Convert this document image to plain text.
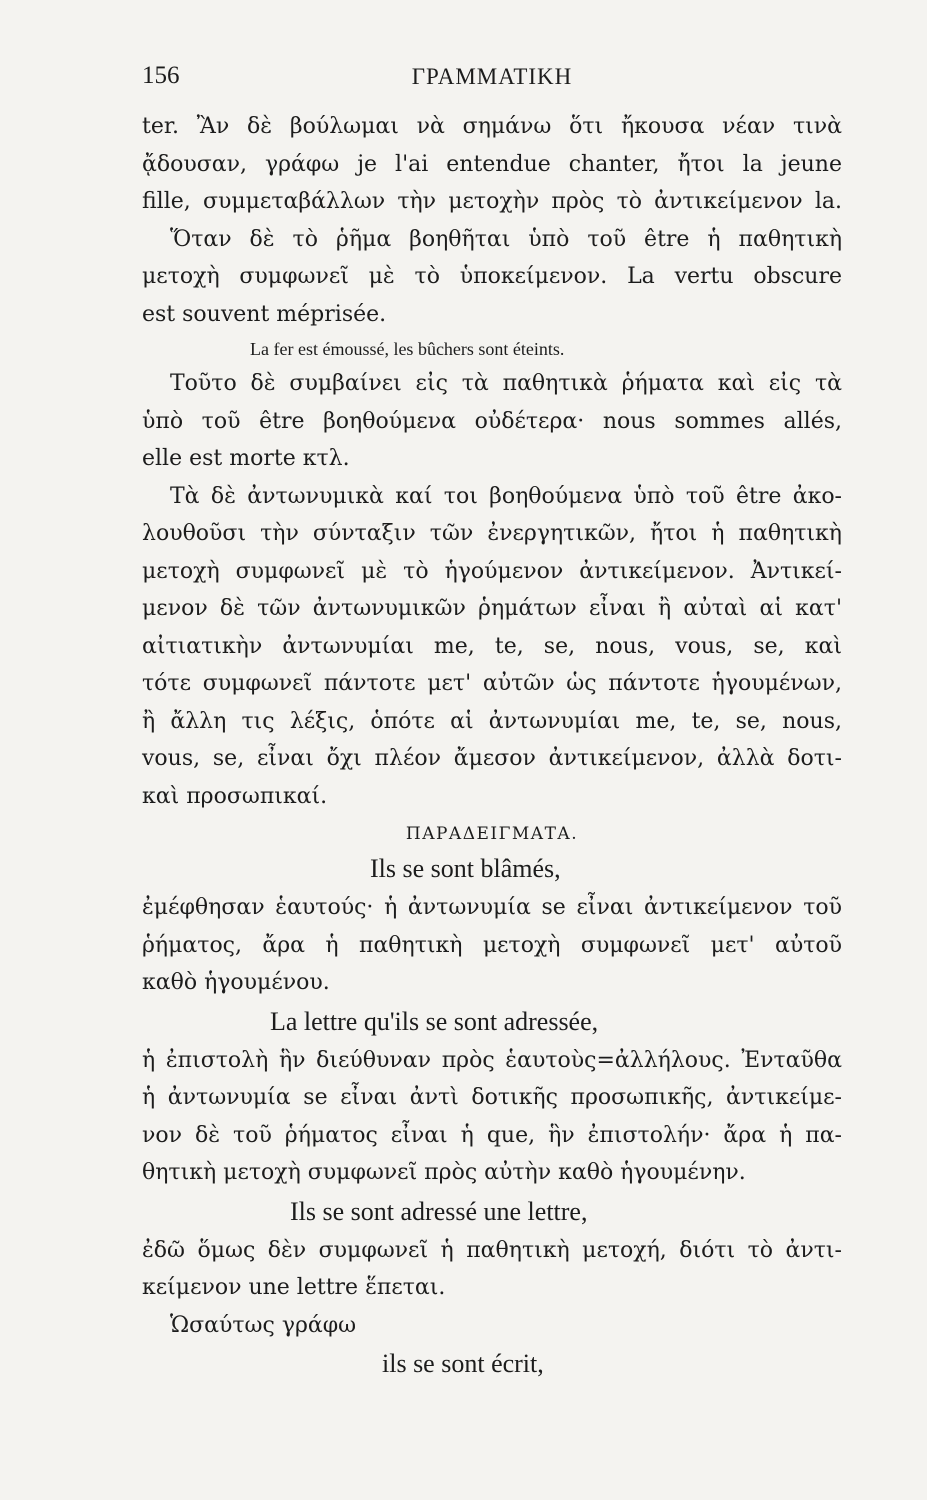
156	ΓΡΑΜΜΑΤΙΚΗ
ter. Ἂν δὲ βούλωμαι νὰ σημάνω ὅτι ἤκουσα νέαν τινὰ
ᾄδουσαν, γράφω je l'ai entendue chanter, ἤτοι la jeune
fille, συμμεταβάλλων τὴν μετοχὴν πρὸς τὸ ἀντικείμενον la.
Ὅταν δὲ τὸ ῥῆμα βοηθῆται ὑπὸ τοῦ être ἡ παθητικὴ
μετοχὴ συμφωνεῖ μὲ τὸ ὑποκείμενον. La vertu obscure
est souvent méprisée.
La fer est émoussé, les bûchers sont éteints.
Τοῦτο δὲ συμβαίνει εἰς τὰ παθητικὰ ῥήματα καὶ εἰς τὰ
ὑπὸ τοῦ être βοηθούμενα οὐδέτερα· nous sommes allés,
elle est morte κτλ.
Τὰ δὲ ἀντωνυμικὰ καί τοι βοηθούμενα ὑπὸ τοῦ être ἀκο-
λουθοῦσι τὴν σύνταξιν τῶν ἐνεργητικῶν, ἤτοι ἡ παθητικὴ
μετοχὴ συμφωνεῖ μὲ τὸ ἡγούμενον ἀντικείμενον. Ἀντικεί-
μενον δὲ τῶν ἀντωνυμικῶν ῥημάτων εἶναι ἢ αὐταὶ αἱ κατ'
αἰτιατικὴν ἀντωνυμίαι me, te, se, nous, vous, se, καὶ
τότε συμφωνεῖ πάντοτε μετ' αὐτῶν ὡς πάντοτε ἡγουμένων,
ἢ ἄλλη τις λέξις, ὁπότε αἱ ἀντωνυμίαι me, te, se, nous,
vous, se, εἶναι ὄχι πλέον ἄμεσον ἀντικείμενον, ἀλλὰ δοτι-
καὶ προσωπικαί.
ΠΑΡΑΔΕΙΓΜΑΤΑ.
Ils se sont blâmés,
ἐμέφθησαν ἑαυτούς· ἡ ἀντωνυμία se εἶναι ἀντικείμενον τοῦ
ῥήματος, ἄρα ἡ παθητικὴ μετοχὴ συμφωνεῖ μετ' αὐτοῦ
καθὸ ἡγουμένου.
La lettre qu'ils se sont adressée,
ἡ ἐπιστολὴ ἣν διεύθυναν πρὸς ἑαυτοὺς=ἀλλήλους. Ἐνταῦθα
ἡ ἀντωνυμία se εἶναι ἀντὶ δοτικῆς προσωπικῆς, ἀντικείμε-
νον δὲ τοῦ ῥήματος εἶναι ἡ que, ἣν ἐπιστολήν· ἄρα ἡ πα-
θητικὴ μετοχὴ συμφωνεῖ πρὸς αὐτὴν καθὸ ἡγουμένην.
Ils se sont adressé une lettre,
ἐδῶ ὅμως δὲν συμφωνεῖ ἡ παθητικὴ μετοχή, διότι τὸ ἀντι-
κείμενον une lettre ἕπεται.
Ὡσαύτως γράφω
ils se sont écrit,
